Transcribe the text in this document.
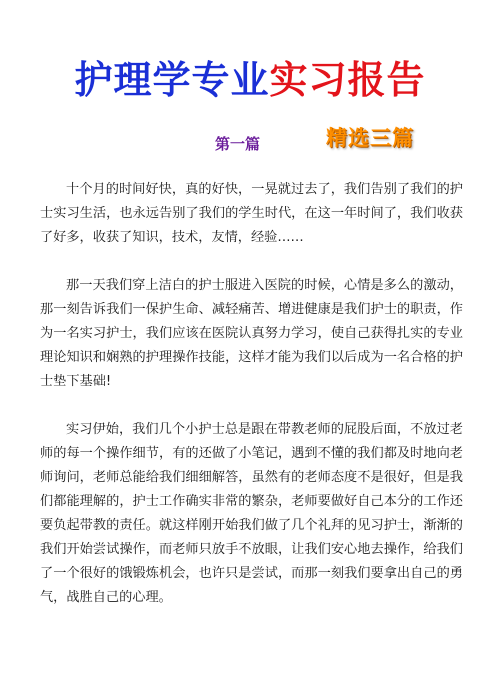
护理学专业实习报告
第一篇	精选三篇

十个月的时间好快，真的好快，一晃就过去了，我们告别了我们的护士实习生活，也永远告别了我们的学生时代，在这一年时间了，我们收获了好多，收获了知识，技术，友情，经验……

那一天我们穿上洁白的护士服进入医院的时候，心情是多么的激动，那一刻告诉我们一保护生命、减轻痛苦、增进健康是我们护士的职责，作为一名实习护士，我们应该在医院认真努力学习，使自己获得扎实的专业理论知识和娴熟的护理操作技能，这样才能为我们以后成为一名合格的护士垫下基础!

实习伊始，我们几个小护士总是跟在带教老师的屁股后面，不放过老师的每一个操作细节，有的还做了小笔记，遇到不懂的我们都及时地向老师询问，老师总能给我们细细解答，虽然有的老师态度不是很好，但是我们都能理解的，护士工作确实非常的繁杂，老师要做好自己本分的工作还要负起带教的责任。就这样刚开始我们做了几个礼拜的见习护士，渐渐的我们开始尝试操作，而老师只放手不放眼，让我们安心地去操作，给我们了一个很好的饿锻炼机会，也许只是尝试，而那一刻我们要拿出自己的勇气，战胜自己的心理。
